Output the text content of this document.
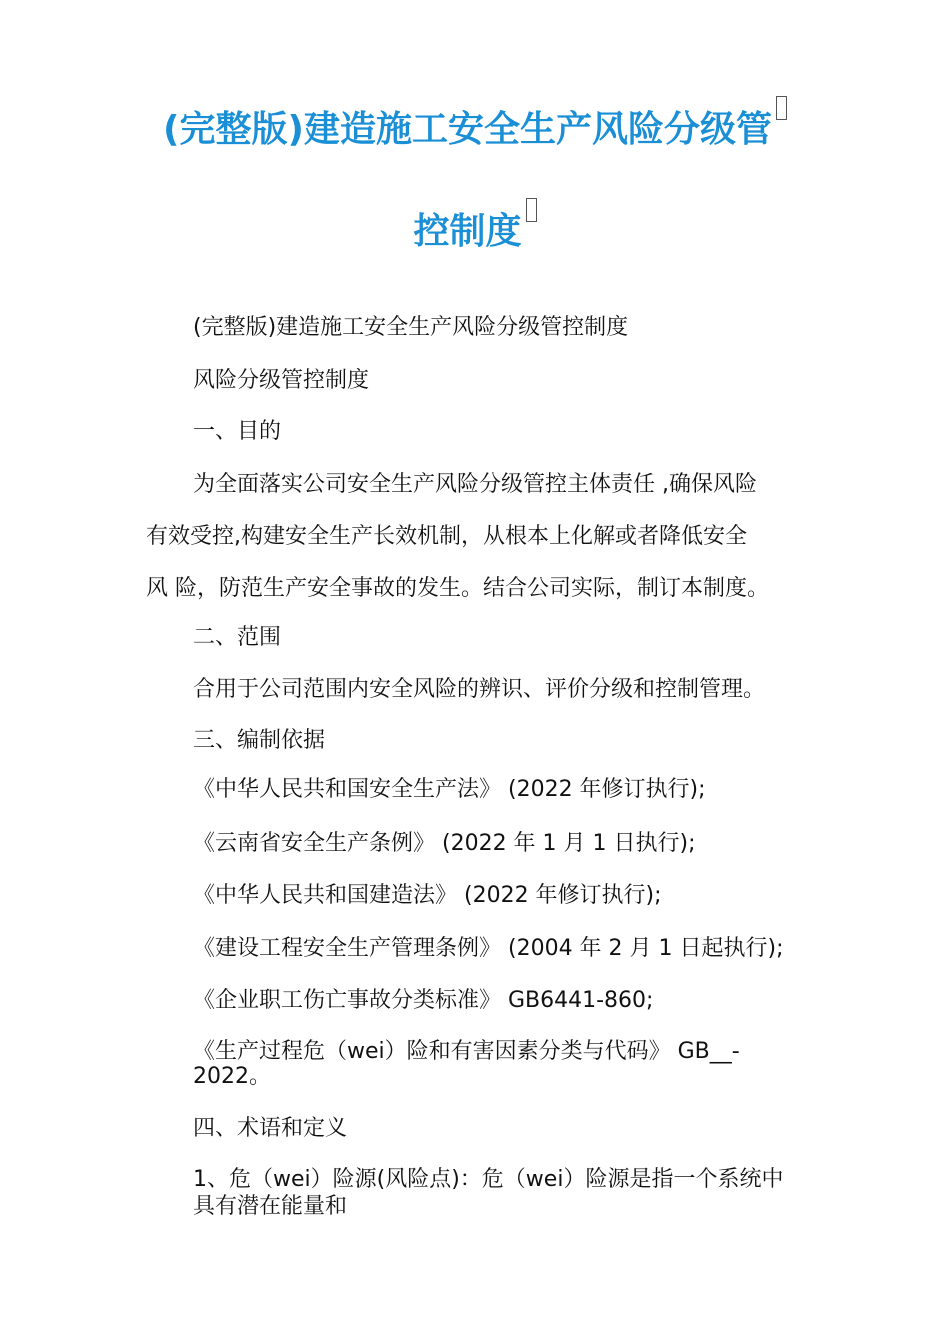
(完整版)建造施工安全生产风险分级管
控制度
(完整版)建造施工安全生产风险分级管控制度
风险分级管控制度
一、目的
为全面落实公司安全生产风险分级管控主体责任 ,确保风险
有效受控,构建安全生产长效机制，从根本上化解或者降低安全
风 险，防范生产安全事故的发生。结合公司实际，制订本制度。
二、范围
合用于公司范围内安全风险的辨识、评价分级和控制管理。
三、编制依据
《中华人民共和国安全生产法》 (2022 年修订执行);
《云南省安全生产条例》 (2022 年 1 月 1 日执行);
《中华人民共和国建造法》 (2022 年修订执行);
《建设工程安全生产管理条例》 (2004 年 2 月 1 日起执行);
《企业职工伤亡事故分类标准》 GB6441-860;
《生产过程危（wei）险和有害因素分类与代码》 GB__-
2022。
四、术语和定义
1、危（wei）险源(风险点)：危（wei）险源是指一个系统中
具有潜在能量和
